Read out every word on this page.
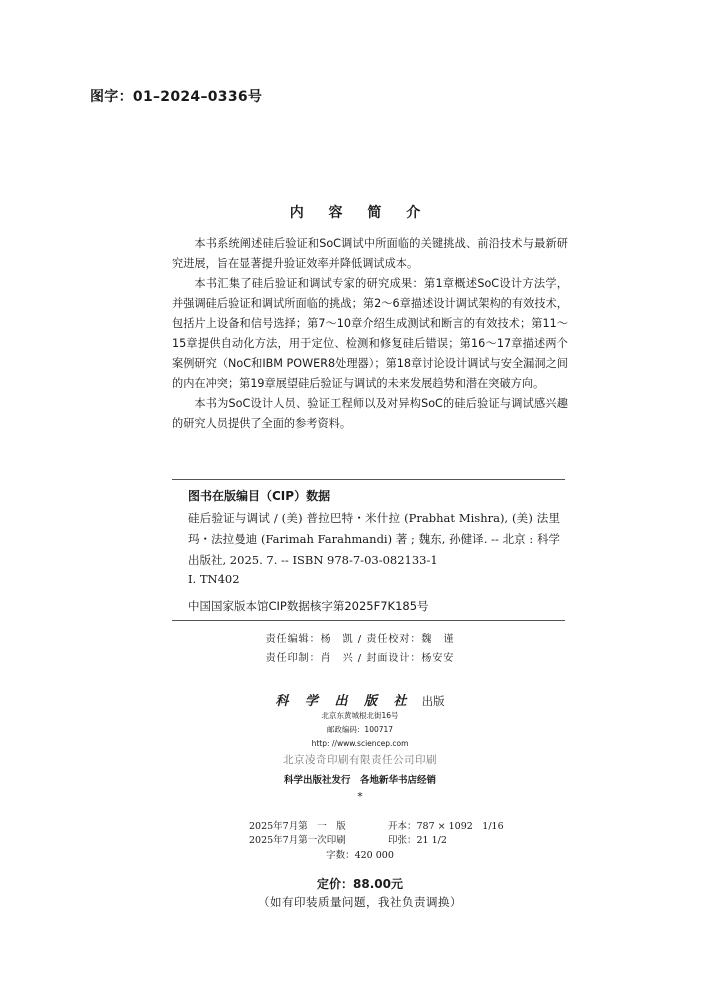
图字：01–2024–0336号
内 容 简 介

本书系统阐述硅后验证和SoC调试中所面临的关键挑战、前沿技术与最新研究进展，旨在显著提升验证效率并降低调试成本。

本书汇集了硅后验证和调试专家的研究成果：第1章概述SoC设计方法学，并强调硅后验证和调试所面临的挑战；第2～6章描述设计调试架构的有效技术，包括片上设备和信号选择；第7～10章介绍生成测试和断言的有效技术；第11～15章提供自动化方法，用于定位、检测和修复硅后错误；第16～17章描述两个案例研究（NoC和IBM POWER8处理器）；第18章讨论设计调试与安全漏洞之间的内在冲突；第19章展望硅后验证与调试的未来发展趋势和潜在突破方向。

本书为SoC设计人员、验证工程师以及对异构SoC的硅后验证与调试感兴趣的研究人员提供了全面的参考资料。

图书在版编目（CIP）数据
硅后验证与调试 / (美) 普拉巴特・米什拉 (Prabhat Mishra), (美) 法里玛・法拉曼迪 (Farimah Farahmandi) 著 ; 魏东, 孙健译. -- 北京 : 科学出版社, 2025. 7. -- ISBN 978-7-03-082133-1
Ⅰ. TN402
中国国家版本馆CIP数据核字第2025F7K185号
责任编辑：杨　凯 / 责任校对：魏　谨
责任印制：肖　兴 / 封面设计：杨安安
科 学 出 版 社 出版
北京东黄城根北街16号
邮政编码：100717
http: //www.sciencep.com
北京凌奇印刷有限责任公司印刷
科学出版社发行　各地新华书店经销
*
2025年7月第　一　版
2025年7月第一次印刷
开本：787 × 1092　1/16
印张：21 1/2
字数：420 000
定价：88.00元
（如有印装质量问题，我社负责调换）
